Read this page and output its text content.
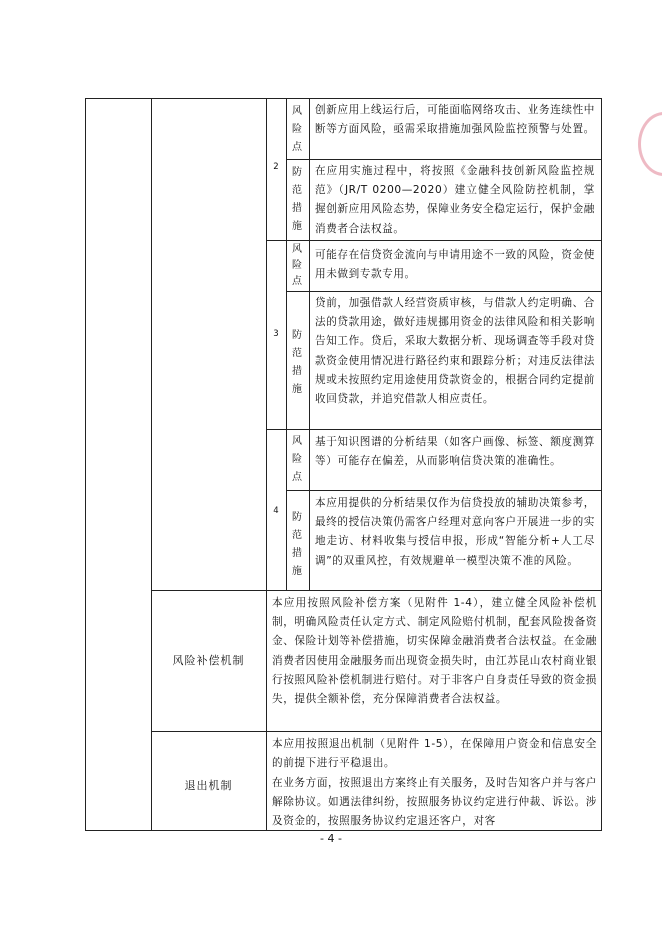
2
风
险
点
创新应用上线运行后，可能面临网络攻击、业务连续性中断等方面风险，亟需采取措施加强风险监控预警与处置。
防
范
措
施
在应用实施过程中，将按照《金融科技创新风险监控规范》（JR/T 0200—2020）建立健全风险防控机制，掌握创新应用风险态势，保障业务安全稳定运行，保护金融消费者合法权益。
3
风
险
点
可能存在信贷资金流向与申请用途不一致的风险，资金使用未做到专款专用。
防
范
措
施
贷前，加强借款人经营资质审核，与借款人约定明确、合法的贷款用途，做好违规挪用资金的法律风险和相关影响告知工作。贷后，采取大数据分析、现场调查等手段对贷款资金使用情况进行路径约束和跟踪分析；对违反法律法规或未按照约定用途使用贷款资金的，根据合同约定提前收回贷款，并追究借款人相应责任。
4
风
险
点
基于知识图谱的分析结果（如客户画像、标签、额度测算等）可能存在偏差，从而影响信贷决策的准确性。
防
范
措
施
本应用提供的分析结果仅作为信贷投放的辅助决策参考，最终的授信决策仍需客户经理对意向客户开展进一步的实地走访、材料收集与授信申报，形成“智能分析+人工尽调”的双重风控，有效规避单一模型决策不准的风险。
风险补偿机制
本应用按照风险补偿方案（见附件 1-4），建立健全风险补偿机制，明确风险责任认定方式、制定风险赔付机制，配套风险拨备资金、保险计划等补偿措施，切实保障金融消费者合法权益。在金融消费者因使用金融服务而出现资金损失时，由江苏昆山农村商业银行按照风险补偿机制进行赔付。对于非客户自身责任导致的资金损失，提供全额补偿，充分保障消费者合法权益。
退出机制
本应用按照退出机制（见附件 1-5），在保障用户资金和信息安全的前提下进行平稳退出。
在业务方面，按照退出方案终止有关服务，及时告知客户并与客户解除协议。如遇法律纠纷，按照服务协议约定进行仲裁、诉讼。涉及资金的，按照服务协议约定退还客户，对客
- 4 -
